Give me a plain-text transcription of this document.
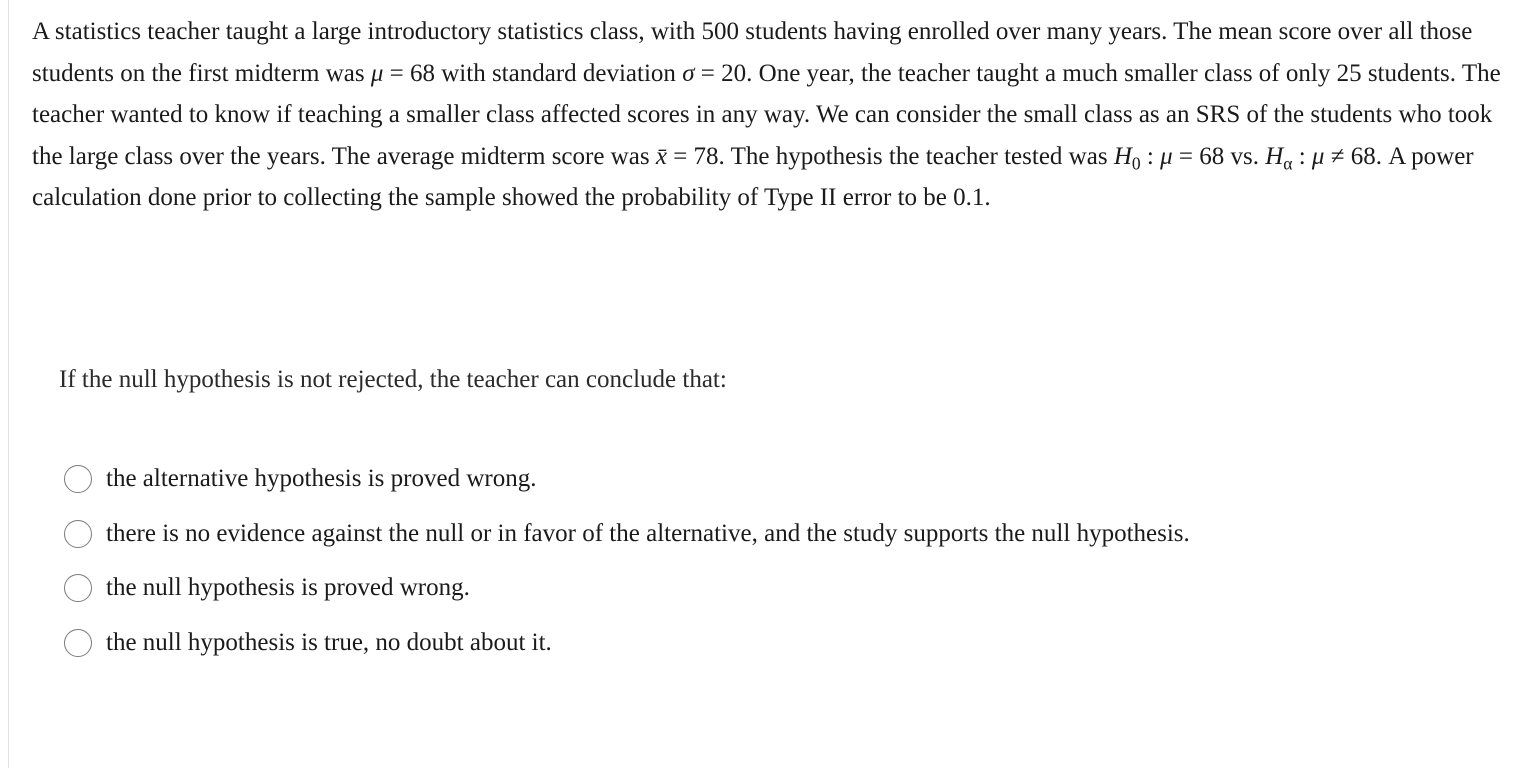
A statistics teacher taught a large introductory statistics class, with 500 students having enrolled over many years. The mean score over all those students on the first midterm was μ = 68 with standard deviation σ = 20. One year, the teacher taught a much smaller class of only 25 students. The teacher wanted to know if teaching a smaller class affected scores in any way. We can consider the small class as an SRS of the students who took the large class over the years. The average midterm score was x̄ = 78. The hypothesis the teacher tested was $H_0$ : μ = 68 vs. $H_\alpha$ : μ ≠ 68. A power calculation done prior to collecting the sample showed the probability of Type II error to be 0.1.
If the null hypothesis is not rejected, the teacher can conclude that:
the alternative hypothesis is proved wrong.
there is no evidence against the null or in favor of the alternative, and the study supports the null hypothesis.
the null hypothesis is proved wrong.
the null hypothesis is true, no doubt about it.
